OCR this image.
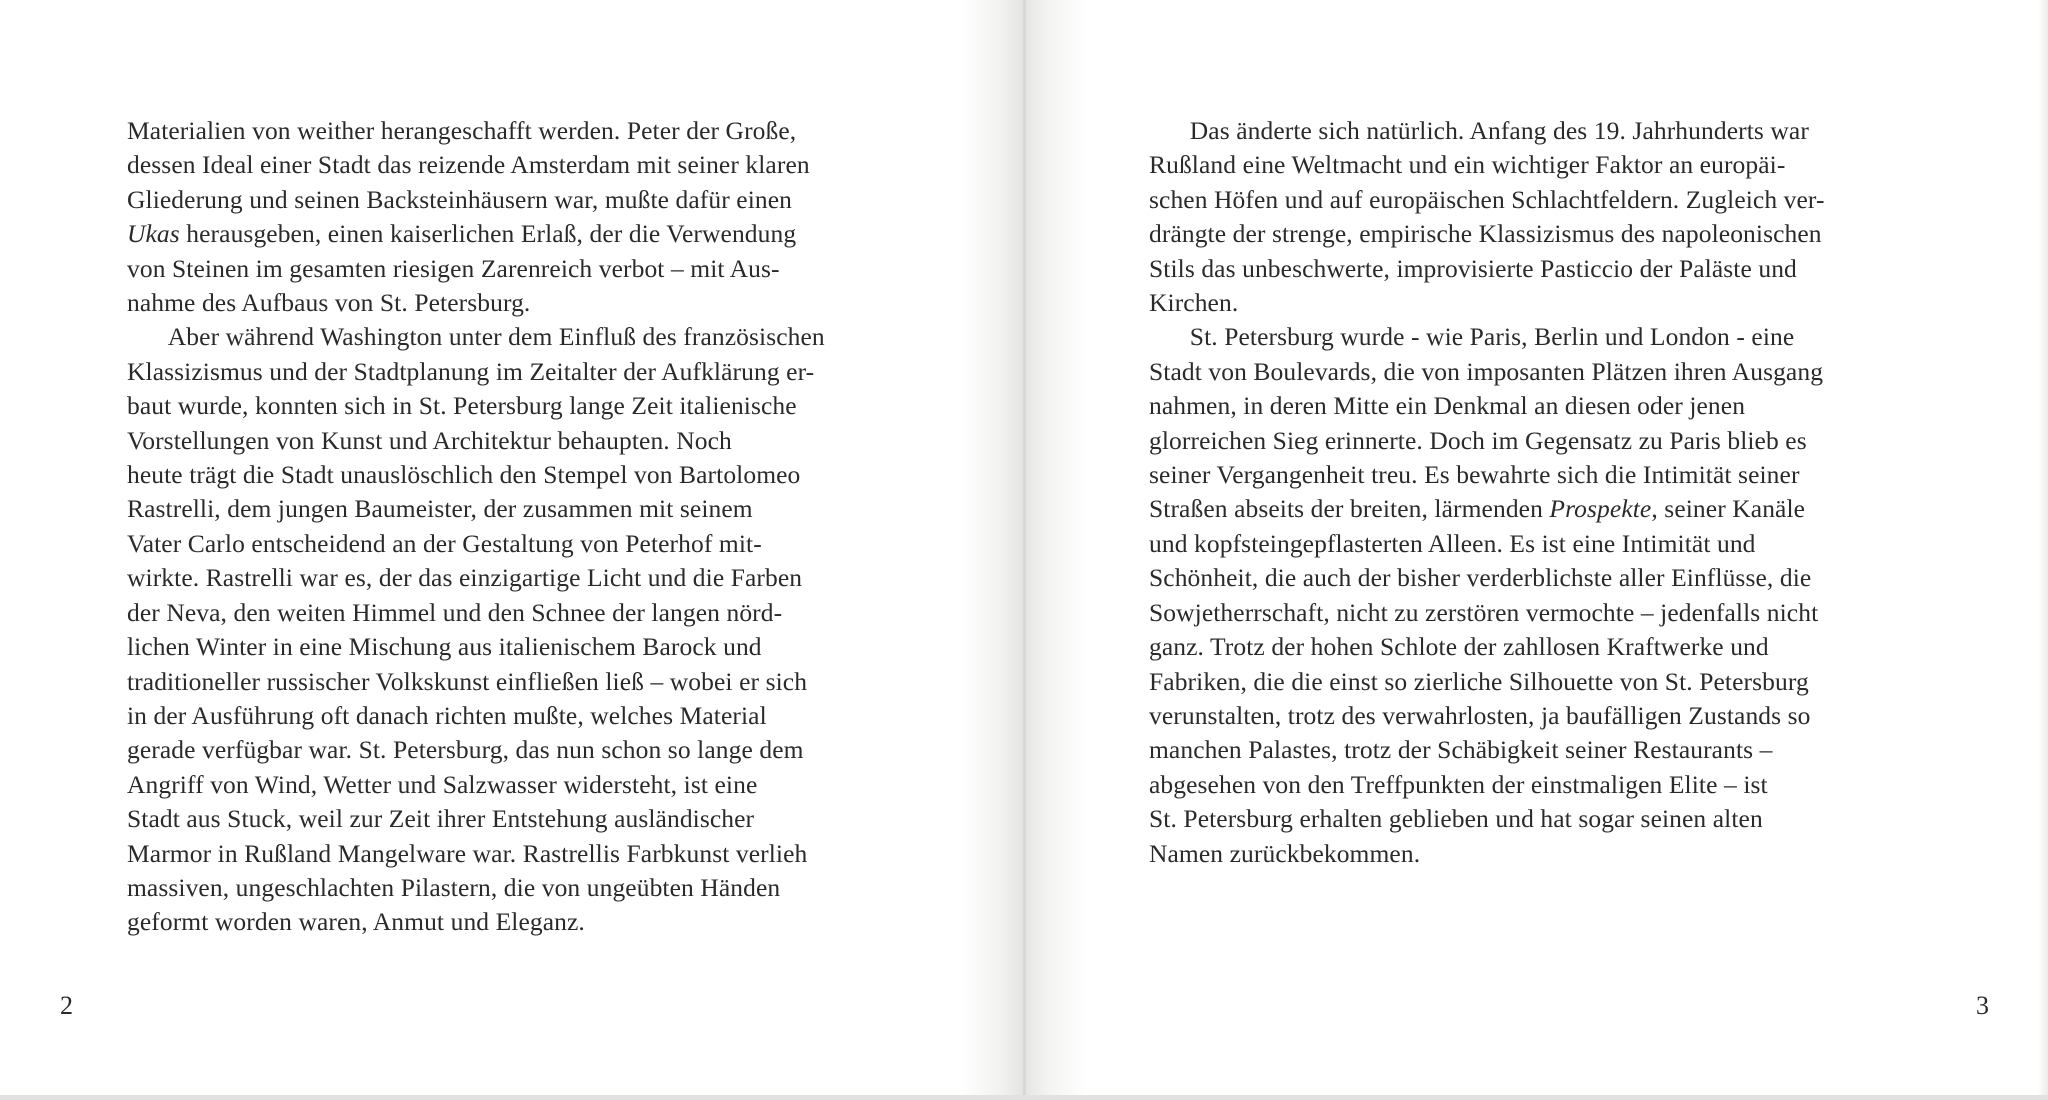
Materialien von weither herangeschafft werden. Peter der Große,
dessen Ideal einer Stadt das reizende Amsterdam mit seiner klaren
Gliederung und seinen Backsteinhäusern war, mußte dafür einen
Ukas herausgeben, einen kaiserlichen Erlaß, der die Verwendung
von Steinen im gesamten riesigen Zarenreich verbot – mit Aus-
nahme des Aufbaus von St. Petersburg.
Aber während Washington unter dem Einfluß des französischen
Klassizismus und der Stadtplanung im Zeitalter der Aufklärung er-
baut wurde, konnten sich in St. Petersburg lange Zeit italienische
Vorstellungen von Kunst und Architektur behaupten. Noch
heute trägt die Stadt unauslöschlich den Stempel von Bartolomeo
Rastrelli, dem jungen Baumeister, der zusammen mit seinem
Vater Carlo entscheidend an der Gestaltung von Peterhof mit-
wirkte. Rastrelli war es, der das einzigartige Licht und die Farben
der Neva, den weiten Himmel und den Schnee der langen nörd-
lichen Winter in eine Mischung aus italienischem Barock und
traditioneller russischer Volkskunst einfließen ließ – wobei er sich
in der Ausführung oft danach richten mußte, welches Material
gerade verfügbar war. St. Petersburg, das nun schon so lange dem
Angriff von Wind, Wetter und Salzwasser widersteht, ist eine
Stadt aus Stuck, weil zur Zeit ihrer Entstehung ausländischer
Marmor in Rußland Mangelware war. Rastrellis Farbkunst verlieh
massiven, ungeschlachten Pilastern, die von ungeübten Händen
geformt worden waren, Anmut und Eleganz.
2
Das änderte sich natürlich. Anfang des 19. Jahrhunderts war
Rußland eine Weltmacht und ein wichtiger Faktor an europäi-
schen Höfen und auf europäischen Schlachtfeldern. Zugleich ver-
drängte der strenge, empirische Klassizismus des napoleonischen
Stils das unbeschwerte, improvisierte Pasticcio der Paläste und
Kirchen.
St. Petersburg wurde - wie Paris, Berlin und London - eine
Stadt von Boulevards, die von imposanten Plätzen ihren Ausgang
nahmen, in deren Mitte ein Denkmal an diesen oder jenen
glorreichen Sieg erinnerte. Doch im Gegensatz zu Paris blieb es
seiner Vergangenheit treu. Es bewahrte sich die Intimität seiner
Straßen abseits der breiten, lärmenden Prospekte, seiner Kanäle
und kopfsteingepflasterten Alleen. Es ist eine Intimität und
Schönheit, die auch der bisher verderblichste aller Einflüsse, die
Sowjetherrschaft, nicht zu zerstören vermochte – jedenfalls nicht
ganz. Trotz der hohen Schlote der zahllosen Kraftwerke und
Fabriken, die die einst so zierliche Silhouette von St. Petersburg
verunstalten, trotz des verwahrlosten, ja baufälligen Zustands so
manchen Palastes, trotz der Schäbigkeit seiner Restaurants –
abgesehen von den Treffpunkten der einstmaligen Elite – ist
St. Petersburg erhalten geblieben und hat sogar seinen alten
Namen zurückbekommen.
3
